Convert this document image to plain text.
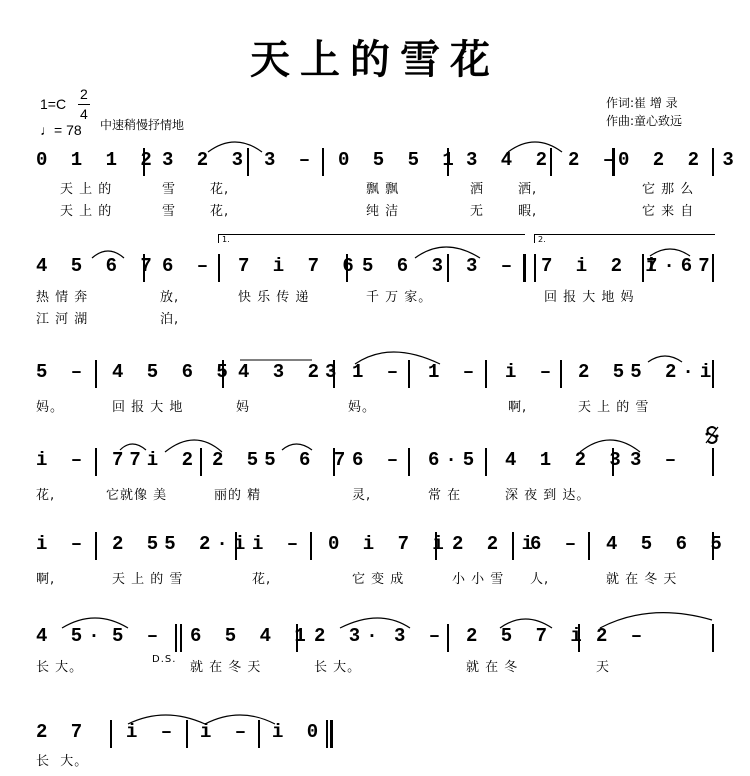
天上的雪花
1=C
2
4
♩= 78 中速稍慢抒情地
作词:崔 增 录
作曲:童心致远
0 1 1 2 3 2 3 3 – 0 5 5 1 3 4 2 2 –
0 2 2 3
天 上 的	雪	花,	飘 飘	洒	洒,	它 那 么
天 上 的	雪	花,	纯 洁	无	暇,	它 来 自
1.	2.
4 5 6 7 6 – 7 i 7 6 5 6 3 3 – 7 i 2 i
7·67
热 情 奔	放,	快 乐 传 递	千 万 家。	回 报 大 地 妈
江 河 湖	泊,
5 – 4 5 6 5 4 3 23 1 – 1 – i – 2 55 2·i
妈。	回 报 大 地	妈	妈。	啊,	天 上 的 雪
i – 77i 2 2 55 6 7 6 – 6·5 4 1 2 3 3 –
花,	它就像 美	丽的 精	灵,	常 在	深 夜 到 达。
i – 2 55 2·i i – 0 i 7 i 2 2 i
6 – 4 5 6 5
啊,	天 上 的 雪	花,	它 变 成	小 小 雪 人,	就 在 冬 天
4 5· 5 – 6 5 4 1 2 3· 3 – 2 5 7 i 2 –
D.S.
长 大。	就 在 冬 天	长 大。	就 在 冬	天
2 7 i – i – i 0
长  大。
